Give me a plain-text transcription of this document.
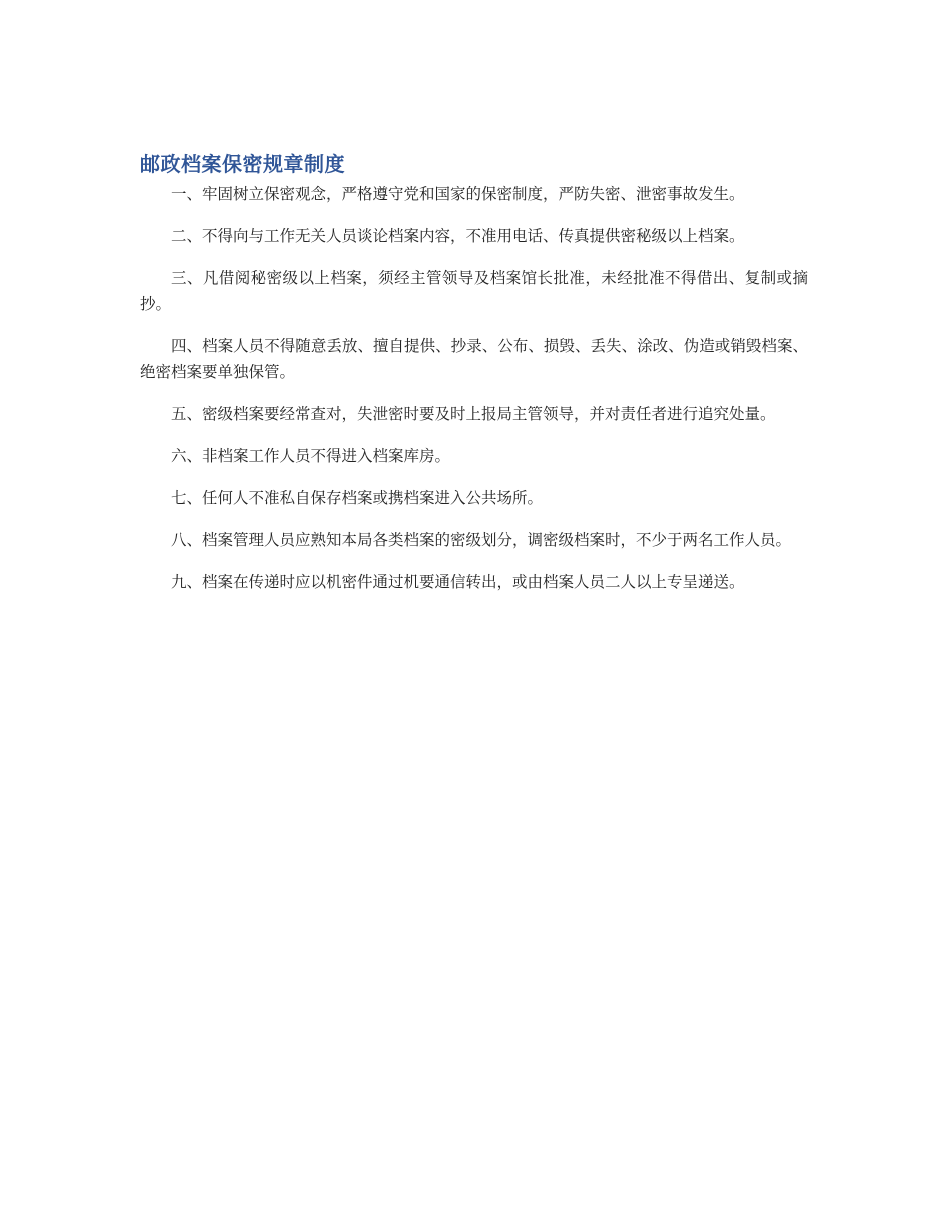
邮政档案保密规章制度

一、牢固树立保密观念，严格遵守党和国家的保密制度，严防失密、泄密事故发生。

二、不得向与工作无关人员谈论档案内容，不准用电话、传真提供密秘级以上档案。

三、凡借阅秘密级以上档案，须经主管领导及档案馆长批准，未经批准不得借出、复制或摘抄。

四、档案人员不得随意丢放、擅自提供、抄录、公布、损毁、丢失、涂改、伪造或销毁档案、绝密档案要单独保管。

五、密级档案要经常查对，失泄密时要及时上报局主管领导，并对责任者进行追究处量。

六、非档案工作人员不得进入档案库房。

七、任何人不准私自保存档案或携档案进入公共场所。

八、档案管理人员应熟知本局各类档案的密级划分，调密级档案时，不少于两名工作人员。

九、档案在传递时应以机密件通过机要通信转出，或由档案人员二人以上专呈递送。
